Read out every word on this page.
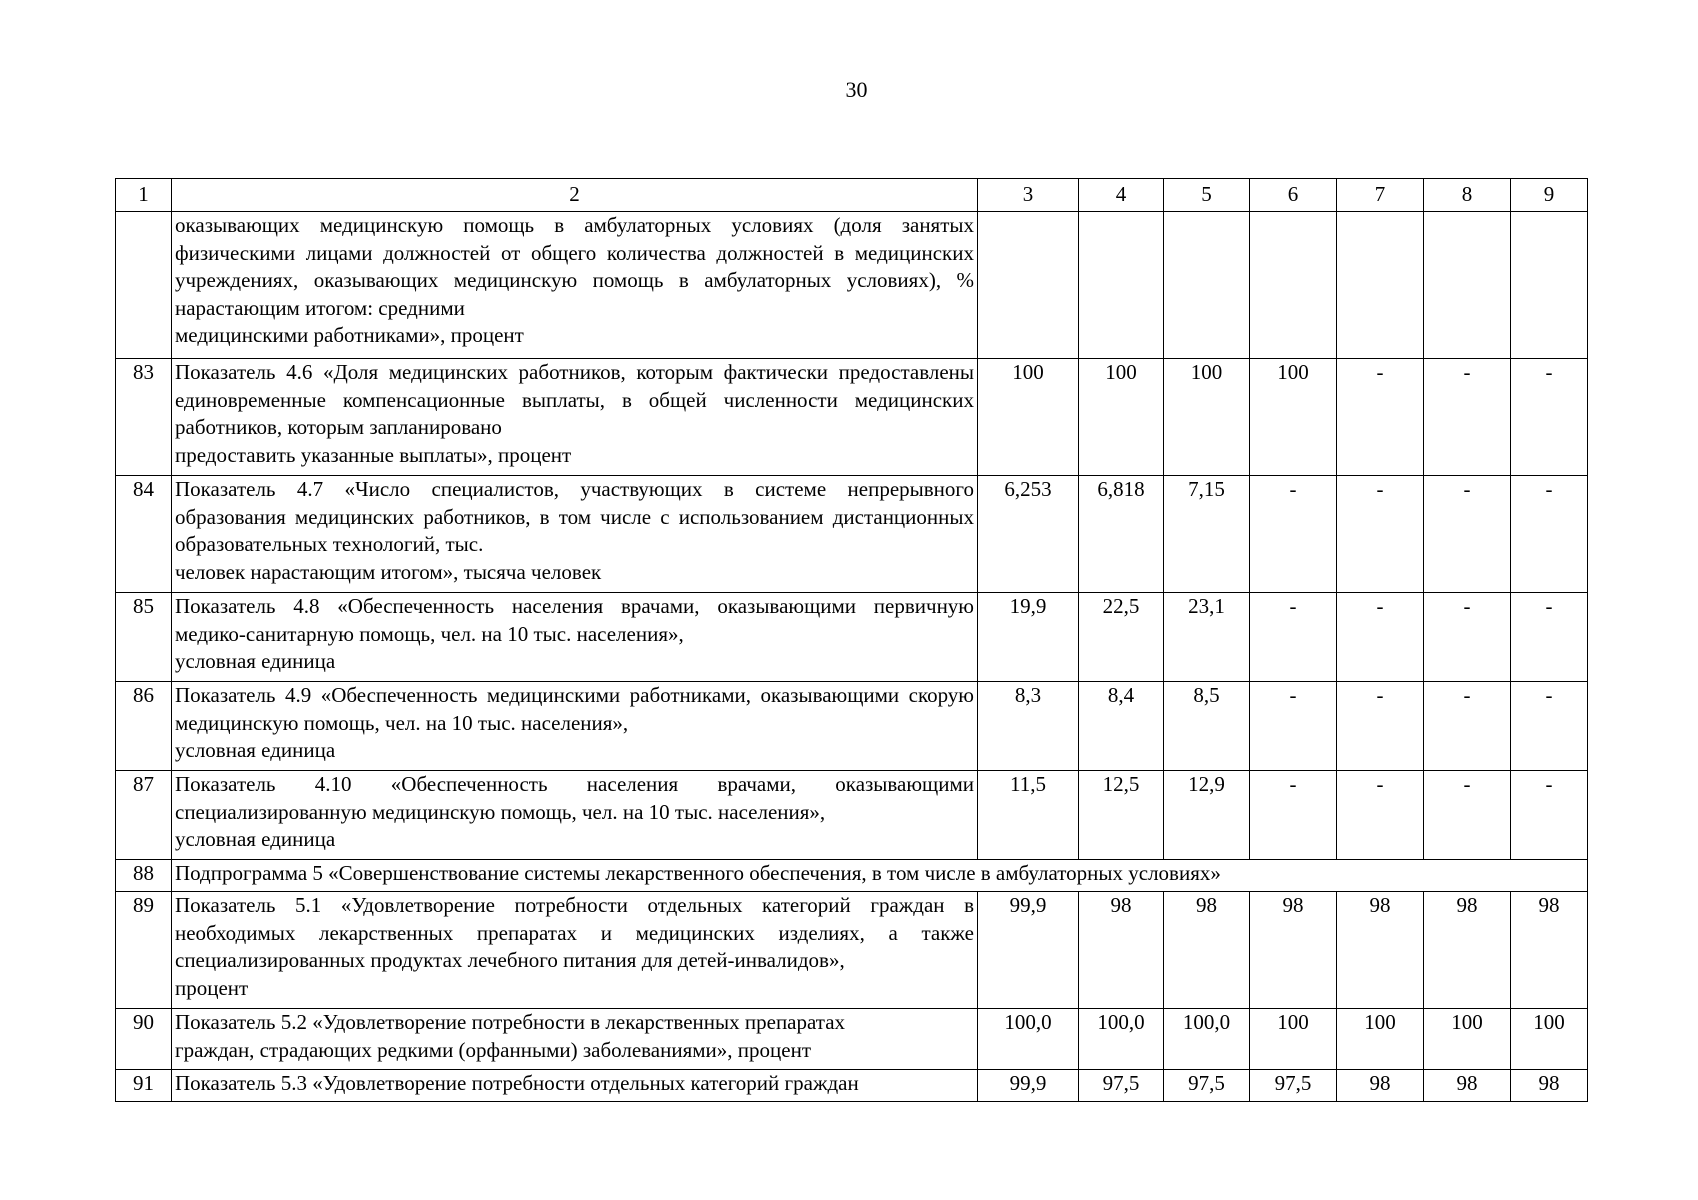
30
1	2	3	4	5	6	7	8	9
	оказывающих медицинскую помощь в амбулаторных условиях (доля занятых физическими лицами должностей от общего количества должностей в медицинских учреждениях, оказывающих медицинскую помощь в амбулаторных условиях), % нарастающим итогом: средними
медицинскими работниками», процент							

83	Показатель 4.6 «Доля медицинских работников, которым фактически предоставлены единовременные компенсационные выплаты, в общей численности медицинских работников, которым запланировано
предоставить указанные выплаты», процент	100	100	100	100	-	-	-
84	Показатель 4.7 «Число специалистов, участвующих в системе непрерывного образования медицинских работников, в том числе с использованием дистанционных образовательных технологий, тыс.
человек нарастающим итогом», тысяча человек	6,253	6,818	7,15	-	-	-	-
85	Показатель 4.8 «Обеспеченность населения врачами, оказывающими первичную медико-санитарную помощь, чел. на 10 тыс. населения»,
условная единица	19,9	22,5	23,1	-	-	-	-
86	Показатель 4.9 «Обеспеченность медицинскими работниками, оказывающими скорую медицинскую помощь, чел. на 10 тыс. населения»,
условная единица	8,3	8,4	8,5	-	-	-	-
87	Показатель 4.10 «Обеспеченность населения врачами, оказывающими специализированную медицинскую помощь, чел. на 10 тыс. населения»,
условная единица	11,5	12,5	12,9	-	-	-	-
88	Подпрограмма 5 «Совершенствование системы лекарственного обеспечения, в том числе в амбулаторных условиях»							
89	Показатель 5.1 «Удовлетворение потребности отдельных категорий граждан в необходимых лекарственных препаратах и медицинских изделиях, а также специализированных продуктах лечебного питания для детей-инвалидов»,
процент	99,9	98	98	98	98	98	98
90	Показатель 5.2 «Удовлетворение потребности в лекарственных препаратах
граждан, страдающих редкими (орфанными) заболеваниями», процент	100,0	100,0	100,0	100	100	100	100
91	Показатель 5.3 «Удовлетворение потребности отдельных категорий граждан	99,9	97,5	97,5	97,5	98	98	98
